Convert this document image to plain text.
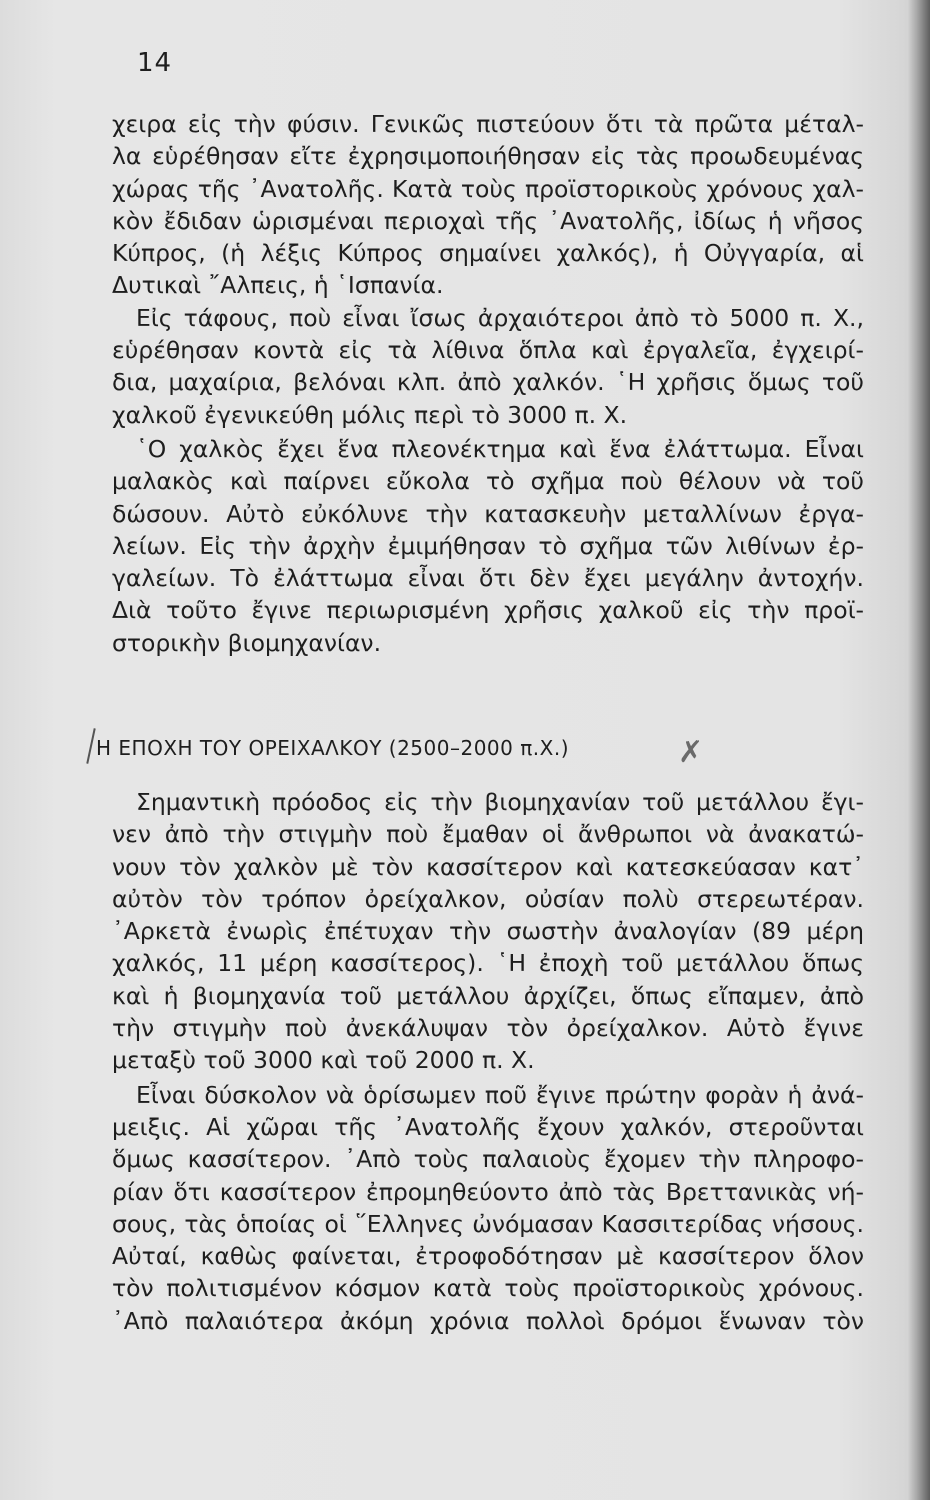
14
χειρα εἰς τὴν φύσιν. Γενικῶς πιστεύουν ὅτι τὰ πρῶτα μέταλ-
λα εὑρέθησαν εἴτε ἐχρησιμοποιήθησαν εἰς τὰς προωδευμένας
χώρας τῆς ᾿Ανατολῆς. Κατὰ τοὺς προϊστορικοὺς χρόνους χαλ-
κὸν ἔδιδαν ὡρισμέναι περιοχαὶ τῆς ᾿Ανατολῆς, ἰδίως ἡ νῆσος
Κύπρος, (ἡ λέξις Κύπρος σημαίνει χαλκός), ἡ Οὐγγαρία, αἱ
Δυτικαὶ ῎Αλπεις, ἡ ῾Ισπανία.
Εἰς τάφους, ποὺ εἶναι ἴσως ἀρχαιότεροι ἀπὸ τὸ 5000 π. Χ.,
εὑρέθησαν κοντὰ εἰς τὰ λίθινα ὅπλα καὶ ἐργαλεῖα, ἐγχειρί-
δια, μαχαίρια, βελόναι κλπ. ἀπὸ χαλκόν. ῾Η χρῆσις ὅμως τοῦ
χαλκοῦ ἐγενικεύθη μόλις περὶ τὸ 3000 π. Χ.
῾Ο χαλκὸς ἔχει ἕνα πλεονέκτημα καὶ ἕνα ἐλάττωμα. Εἶναι
μαλακὸς καὶ παίρνει εὔκολα τὸ σχῆμα ποὺ θέλουν νὰ τοῦ
δώσουν. Αὐτὸ εὐκόλυνε τὴν κατασκευὴν μεταλλίνων ἐργα-
λείων. Εἰς τὴν ἀρχὴν ἐμιμήθησαν τὸ σχῆμα τῶν λιθίνων ἐρ-
γαλείων. Τὸ ἐλάττωμα εἶναι ὅτι δὲν ἔχει μεγάλην ἀντοχήν.
Διὰ τοῦτο ἔγινε περιωρισμένη χρῆσις χαλκοῦ εἰς τὴν προϊ-
στορικὴν βιομηχανίαν.
Η ΕΠΟΧΗ ΤΟΥ ΟΡΕΙΧΑΛΚΟΥ (2500–2000 π.Χ.)	✗
Σημαντικὴ πρόοδος εἰς τὴν βιομηχανίαν τοῦ μετάλλου ἔγι-
νεν ἀπὸ τὴν στιγμὴν ποὺ ἔμαθαν οἱ ἄνθρωποι νὰ ἀνακατώ-
νουν τὸν χαλκὸν μὲ τὸν κασσίτερον καὶ κατεσκεύασαν κατ᾿
αὐτὸν τὸν τρόπον ὀρείχαλκον, οὐσίαν πολὺ στερεωτέραν.
᾿Αρκετὰ ἐνωρὶς ἐπέτυχαν τὴν σωστὴν ἀναλογίαν (89 μέρη
χαλκός, 11 μέρη κασσίτερος). ῾Η ἐποχὴ τοῦ μετάλλου ὅπως
καὶ ἡ βιομηχανία τοῦ μετάλλου ἀρχίζει, ὅπως εἴπαμεν, ἀπὸ
τὴν στιγμὴν ποὺ ἀνεκάλυψαν τὸν ὀρείχαλκον. Αὐτὸ ἔγινε
μεταξὺ τοῦ 3000 καὶ τοῦ 2000 π. Χ.
Εἶναι δύσκολον νὰ ὁρίσωμεν ποῦ ἔγινε πρώτην φορὰν ἡ ἀνά-
μειξις. Αἱ χῶραι τῆς ᾿Ανατολῆς ἔχουν χαλκόν, στεροῦνται
ὅμως κασσίτερον. ᾿Απὸ τοὺς παλαιοὺς ἔχομεν τὴν πληροφο-
ρίαν ὅτι κασσίτερον ἐπρομηθεύοντο ἀπὸ τὰς Βρεττανικὰς νή-
σους, τὰς ὁποίας οἱ ῞Ελληνες ὠνόμασαν Κασσιτερίδας νήσους.
Αὐταί, καθὼς φαίνεται, ἐτροφοδότησαν μὲ κασσίτερον ὅλον
τὸν πολιτισμένον κόσμον κατὰ τοὺς προϊστορικοὺς χρόνους.
᾿Απὸ παλαιότερα ἀκόμη χρόνια πολλοὶ δρόμοι ἕνωναν τὸν
